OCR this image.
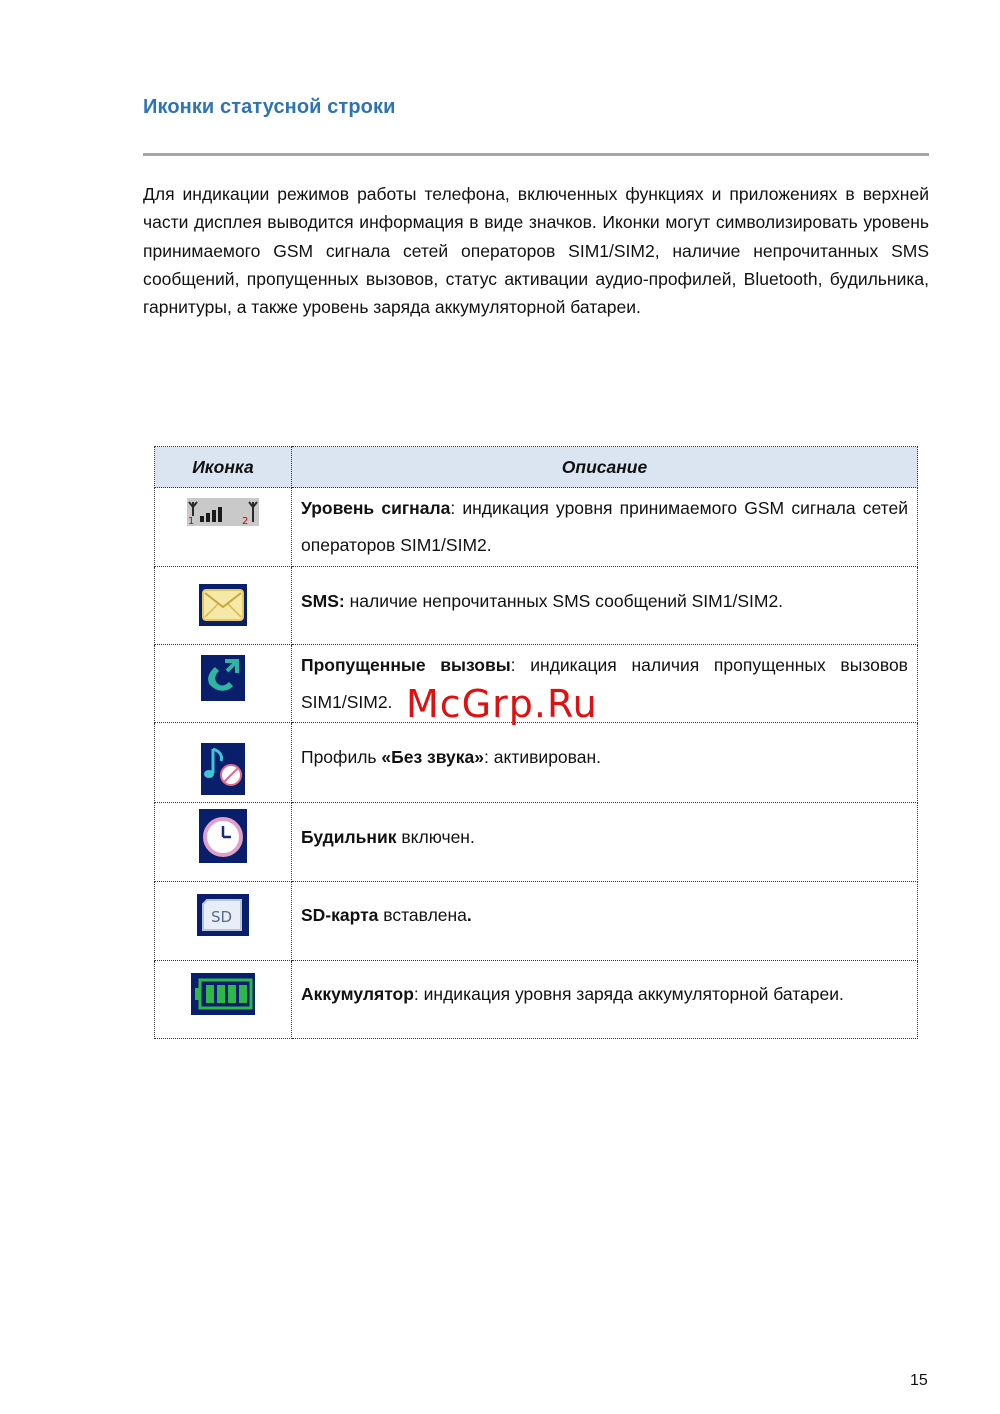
Иконки статусной строки
Для индикации режимов работы телефона, включенных функциях и приложениях в верхней части дисплея выводится информация в виде значков. Иконки могут символизировать уровень принимаемого GSM сигнала сетей операторов SIM1/SIM2, наличие непрочитанных SMS сообщений, пропущенных вызовов, статус активации аудио-профилей, Bluetooth, будильника, гарнитуры, а также уровень заряда аккумуляторной батареи.
Иконка	Описание

1 2	Уровень сигнала: индикация уровня принимаемого GSM сигнала сетей операторов SIM1/SIM2.
	SMS: наличие непрочитанных SMS сообщений SIM1/SIM2.
	Пропущенные вызовы: индикация наличия пропущенных вызовов SIM1/SIM2.
	Профиль «Без звука»: активирован.
	Будильник включен.

SD	SD-карта вставлена.
	Аккумулятор: индикация уровня заряда аккумуляторной батареи.
McGrp.Ru
15
